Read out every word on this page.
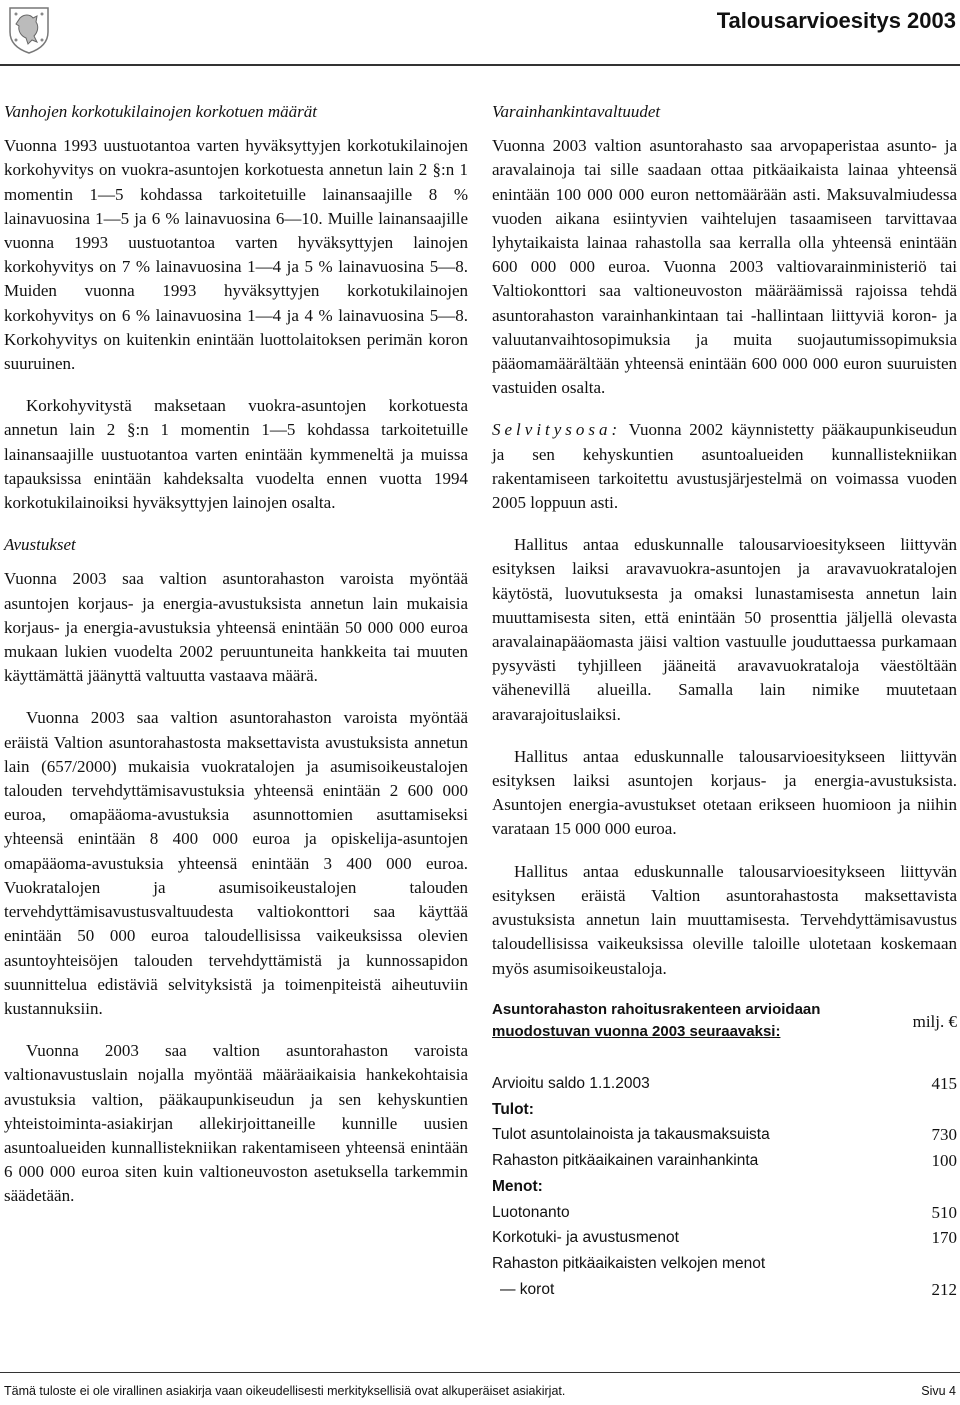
Talousarvioesitys 2003
Vanhojen korkotukilainojen korkotuen määrät

Vuonna 1993 uustuotantoa varten hyväksyttyjen korkotukilainojen korkohyvitys on vuokra-asuntojen korkotuesta annetun lain 2 §:n 1 momentin 1—5 kohdassa tarkoitetuille lainansaajille 8 % lainavuosina 1—5 ja 6 % lainavuosina 6—10. Muille lainansaajille vuonna 1993 uustuotantoa varten hyväksyttyjen lainojen korkohyvitys on 7 % lainavuosina 1—4 ja 5 % lainavuosina 5—8. Muiden vuonna 1993 hyväksyttyjen korkotukilainojen korkohyvitys on 6 % lainavuosina 1—4 ja 4 % lainavuosina 5—8. Korkohyvitys on kuitenkin enintään luottolaitoksen perimän koron suuruinen.

Korkohyvitystä maksetaan vuokra-asuntojen korkotuesta annetun lain 2 §:n 1 momentin 1—5 kohdassa tarkoitetuille lainansaajille uustuotantoa varten enintään kymmeneltä ja muissa tapauksissa enintään kahdeksalta vuodelta ennen vuotta 1994 korkotukilainoiksi hyväksyttyjen lainojen osalta.

Avustukset

Vuonna 2003 saa valtion asuntorahaston varoista myöntää asuntojen korjaus- ja energia-avustuksista annetun lain mukaisia korjaus- ja energia-avustuksia yhteensä enintään 50 000 000 euroa mukaan lukien vuodelta 2002 peruuntuneita hankkeita tai muuten käyttämättä jäänyttä valtuutta vastaava määrä.

Vuonna 2003 saa valtion asuntorahaston varoista myöntää eräistä Valtion asuntorahastosta maksettavista avustuksista annetun lain (657/2000) mukaisia vuokratalojen ja asumisoikeustalojen talouden tervehdyttämisavustuksia yhteensä enintään 2 600 000 euroa, omapääoma-avustuksia asunnottomien asuttamiseksi yhteensä enintään 8 400 000 euroa ja opiskelija-asuntojen omapääoma-avustuksia yhteensä enintään 3 400 000 euroa. Vuokratalojen ja asumisoikeustalojen talouden tervehdyttämisavustusvaltuudesta valtiokonttori saa käyttää enintään 50 000 euroa taloudellisissa vaikeuksissa olevien asuntoyhteisöjen talouden tervehdyttämistä ja kunnossapidon suunnittelua edistäviä selvityksistä ja toimenpiteistä aiheutuviin kustannuksiin.

Vuonna 2003 saa valtion asuntorahaston varoista valtionavustuslain nojalla myöntää määräaikaisia hankekohtaisia avustuksia valtion, pääkaupunkiseudun ja sen kehyskuntien yhteistoiminta-asiakirjan allekirjoittaneille kunnille uusien asuntoalueiden kunnallistekniikan rakentamiseen yhteensä enintään 6 000 000 euroa siten kuin valtioneuvoston asetuksella tarkemmin säädetään.

Varainhankintavaltuudet

Vuonna 2003 valtion asuntorahasto saa arvopaperistaa asunto- ja aravalainoja tai sille saadaan ottaa pitkäaikaista lainaa yhteensä enintään 100 000 000 euron nettomäärään asti. Maksuvalmiudessa vuoden aikana esiintyvien vaihtelujen tasaamiseen tarvittavaa lyhytaikaista lainaa rahastolla saa kerralla olla yhteensä enintään 600 000 000 euroa. Vuonna 2003 valtiovarainministeriö tai Valtiokonttori saa valtioneuvoston määräämissä rajoissa tehdä asuntorahaston varainhankintaan tai -hallintaan liittyviä koron- ja valuutanvaihtosopimuksia ja muita suojautumissopimuksia pääomamäärältään yhteensä enintään 600 000 000 euron suuruisten vastuiden osalta.

Selvitysosa: Vuonna 2002 käynnistetty pääkaupunkiseudun ja sen kehyskuntien asuntoalueiden kunnallistekniikan rakentamiseen tarkoitettu avustusjärjestelmä on voimassa vuoden 2005 loppuun asti.

Hallitus antaa eduskunnalle talousarvioesitykseen liittyvän esityksen laiksi aravavuokra-asuntojen ja aravavuokratalojen käytöstä, luovutuksesta ja omaksi lunastamisesta annetun lain muuttamisesta siten, että enintään 50 prosenttia jäljellä olevasta aravalainapääomasta jäisi valtion vastuulle jouduttaessa purkamaan pysyvästi tyhjilleen jääneitä aravavuokrataloja väestöltään vähenevillä alueilla. Samalla lain nimike muutetaan aravarajoituslaiksi.

Hallitus antaa eduskunnalle talousarvioesitykseen liittyvän esityksen laiksi asuntojen korjaus- ja energia-avustuksista. Asuntojen energia-avustukset otetaan erikseen huomioon ja niihin varataan 15 000 000 euroa.

Hallitus antaa eduskunnalle talousarvioesitykseen liittyvän esityksen eräistä Valtion asuntorahastosta maksettavista avustuksista annetun lain muuttamisesta. Tervehdyttämisavustus taloudellisissa vaikeuksissa oleville taloille ulotetaan koskemaan myös asumisoikeustaloja.

Asuntorahaston rahoitusrakenteen arvioidaan
muodostuvan vuonna 2003 seuraavaksi:
milj. €
Arvioitu saldo 1.1.2003	415
Tulot:
Tulot asuntolainoista ja takausmaksuista	730
Rahaston pitkäaikainen varainhankinta	100
Menot:
Luotonanto	510
Korkotuki- ja avustusmenot	170
Rahaston pitkäaikaisten velkojen menot
— korot	212
Tämä tuloste ei ole virallinen asiakirja vaan oikeudellisesti merkityksellisiä ovat alkuperäiset asiakirjat.	Sivu 4
